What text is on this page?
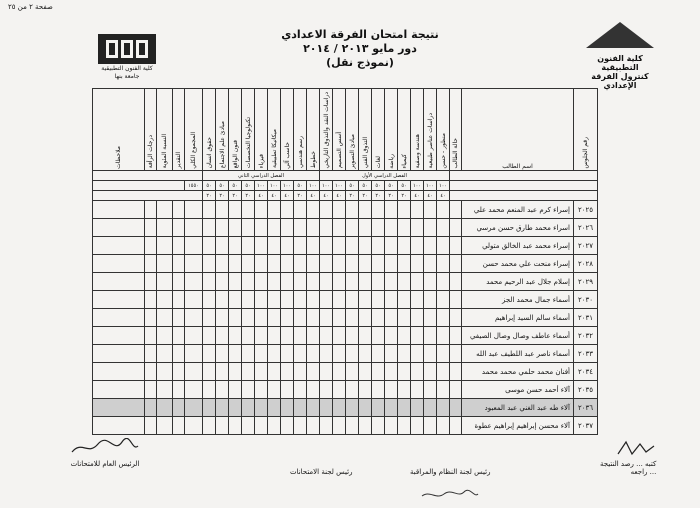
صفحة ٢ من ٢٥
كلية الفنون التطبيقية جامعة بنها
نتيجة امتحان الفرقة الاعدادي
دور مايو ٢٠١٣ / ٢٠١٤
(نموذج نقل)	كلية الفنون التطبيقية
كنترول الفرقة الإعدادي
رقم الجلوس	اسم الطالب	حالة الطالب	منظور - حسن	دراسات عناصر طبيعية	هندسة وصفية	كيمياء	رياضة	لغات	التذوق الفني	مبادئ التصوير	أسس التصميم	دراسات النقد والتذوق التاريخي	خطوط	رسم هندسي	حاسب آلي	ميكانيكا تطبيقية	فيزياء	تكنولوجيا التخصصات	فنون الواقع	مبادئ علم الاجتماع	حقوق انسان	المجموع الكلي	التقدير	النسبة المئوية	درجات الرأفة	ملاحظات
			الفصل الدراسي الأول										الفصل الدراسي الثاني													
			١٠٠	١٠٠	١٠٠	٥٠	٥٠	٥٠	٥٠	٥٠	١٠٠	١٠٠	١٠٠	٥٠	١٠٠	١٠٠	١٠٠	٥٠	٥٠	٥٠	٥٠	١٥٥٠				
			٤٠	٤٠	٤٠	٢٠	٢٠	٢٠	٢٠	٢٠	٤٠	٤٠	٤٠	٢٠	٤٠	٤٠	٤٠	٢٠	٢٠	٢٠	٢٠					
٢٠٢٥	إسراء كرم عبد المنعم محمد علي																									
٢٠٢٦	اسراء محمد طارق حسن مرسي																									
٢٠٢٧	إسراء محمد عبد الخالق متولي																									
٢٠٢٨	إسراء منحت علي محمد حسن																									
٢٠٢٩	إسلام جلال عبد الرحيم محمد																									
٢٠٣٠	أسماء جمال محمد الجز																									
٢٠٣١	أسماء سالم السيد إبراهيم																									
٢٠٣٢	أسماء عاطف وصال وصال الصيفي																									
٢٠٣٣	أسماء ناصر عبد اللطيف عبد الله																									
٢٠٣٤	أفنان محمد حلمي محمد محمد																									
٢٠٣٥	آلاء أحمد حسن موسى																									
٢٠٣٦	آلاء طه عبد الغني عبد المعبود																									
٢٠٣٧	آلاء محسن إبراهيم إبراهيم عطوة																									
الرئيس العام للامتحانات
رئيس لجنة الامتحانات	رئيس لجنة النظام والمراقبة
كتبه ... رصد النتيجة
راجعه ...
